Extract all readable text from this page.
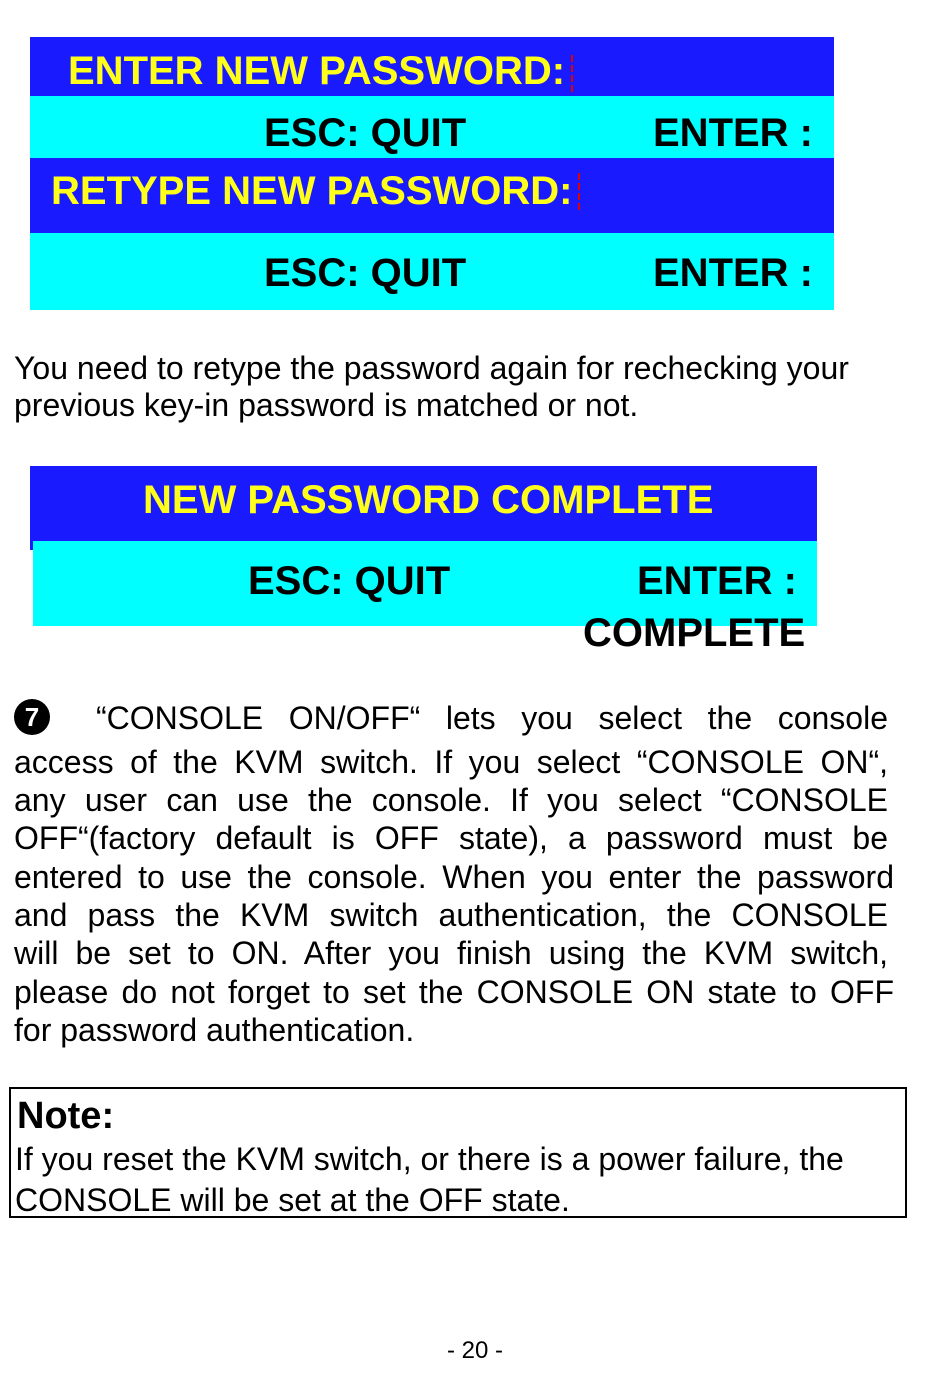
ENTER NEW PASSWORD:
ESC: QUIT	ENTER :
RETYPE NEW PASSWORD:
ESC: QUIT	ENTER :

You need to retype the password again for rechecking your
previous key-in password is matched or not.

NEW PASSWORD COMPLETE
COMPLETE
ESC: QUIT	ENTER :
7	“CONSOLE ON/OFF“ lets you select the console
access of the KVM switch. If you select “CONSOLE ON“,
any user can use the console. If you select “CONSOLE
OFF“(factory default is OFF state), a password must be
entered to use the console. When you enter the password
and pass the KVM switch authentication, the CONSOLE
will be set to ON. After you finish using the KVM switch,
please do not forget to set the CONSOLE ON state to OFF
for password authentication.
Note:
If you reset the KVM switch, or there is a power failure, the
CONSOLE will be set at the OFF state.
- 20 -
